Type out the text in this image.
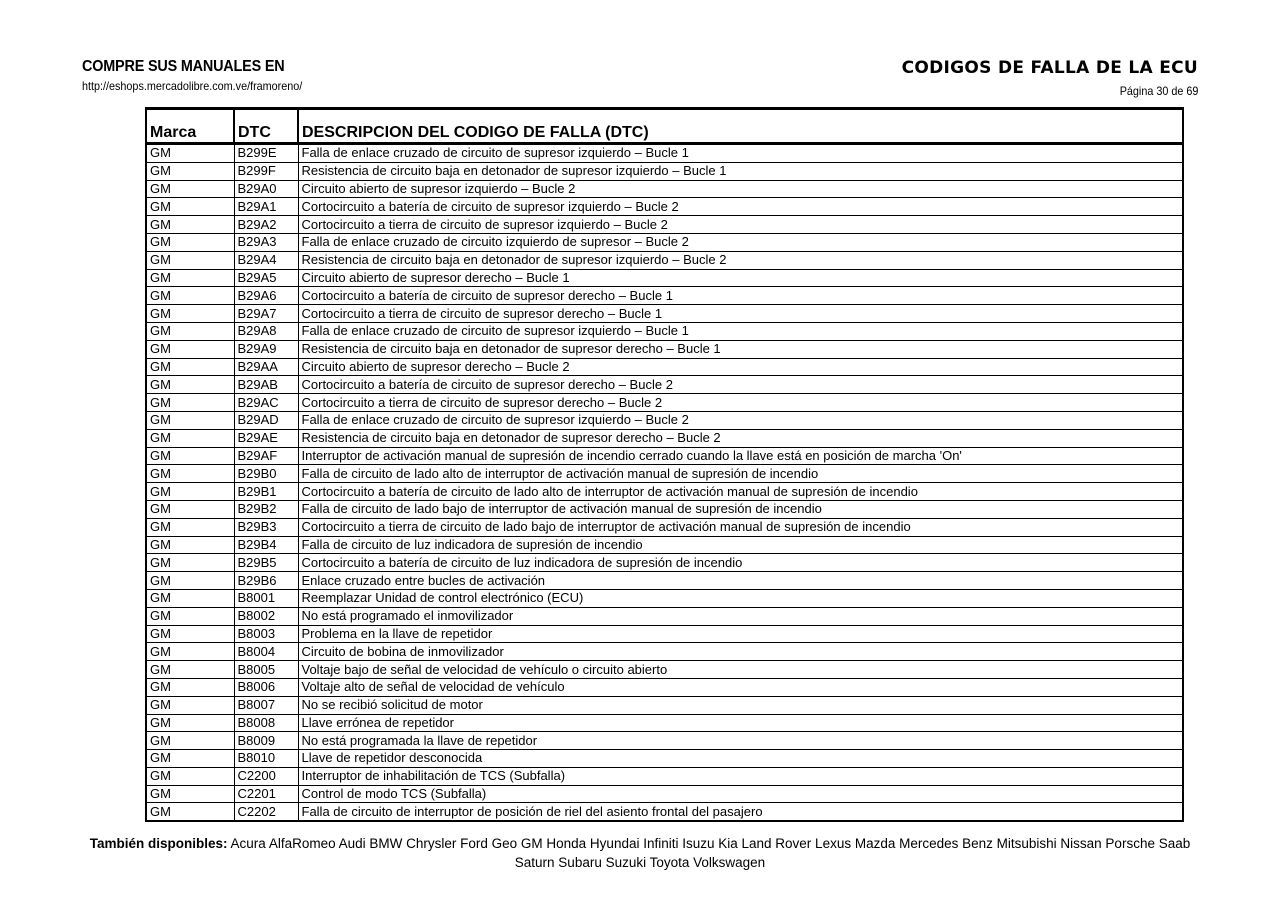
COMPRE SUS MANUALES EN
http://eshops.mercadolibre.com.ve/framoreno/
CODIGOS DE FALLA DE LA ECU
Página 30 de 69
Marca	DTC	DESCRIPCION DEL CODIGO DE FALLA (DTC)
GM	B299E	Falla de enlace cruzado de circuito de supresor izquierdo – Bucle 1
GM	B299F	Resistencia de circuito baja en detonador de supresor izquierdo – Bucle 1
GM	B29A0	Circuito abierto de supresor izquierdo – Bucle 2
GM	B29A1	Cortocircuito a batería de circuito de supresor izquierdo – Bucle 2
GM	B29A2	Cortocircuito a tierra de circuito de supresor izquierdo – Bucle 2
GM	B29A3	Falla de enlace cruzado de circuito izquierdo de supresor – Bucle 2
GM	B29A4	Resistencia de circuito baja en detonador de supresor izquierdo – Bucle 2
GM	B29A5	Circuito abierto de supresor derecho – Bucle 1
GM	B29A6	Cortocircuito a batería de circuito de supresor derecho – Bucle 1
GM	B29A7	Cortocircuito a tierra de circuito de supresor derecho – Bucle 1
GM	B29A8	Falla de enlace cruzado de circuito de supresor izquierdo – Bucle 1
GM	B29A9	Resistencia de circuito baja en detonador de supresor derecho – Bucle 1
GM	B29AA	Circuito abierto de supresor derecho – Bucle 2
GM	B29AB	Cortocircuito a batería de circuito de supresor derecho – Bucle 2
GM	B29AC	Cortocircuito a tierra de circuito de supresor derecho – Bucle 2
GM	B29AD	Falla de enlace cruzado de circuito de supresor izquierdo – Bucle 2
GM	B29AE	Resistencia de circuito baja en detonador de supresor derecho – Bucle 2
GM	B29AF	Interruptor de activación manual de supresión de incendio cerrado cuando la llave está en posición de marcha 'On'
GM	B29B0	Falla de circuito de lado alto de interruptor de activación manual de supresión de incendio
GM	B29B1	Cortocircuito a batería de circuito de lado alto de interruptor de activación manual de supresión de incendio
GM	B29B2	Falla de circuito de lado bajo de interruptor de activación manual de supresión de incendio
GM	B29B3	Cortocircuito a tierra de circuito de lado bajo de interruptor de activación manual de supresión de incendio
GM	B29B4	Falla de circuito de luz indicadora de supresión de incendio
GM	B29B5	Cortocircuito a batería de circuito de luz indicadora de supresión de incendio
GM	B29B6	Enlace cruzado entre bucles de activación
GM	B8001	Reemplazar Unidad de control electrónico (ECU)
GM	B8002	No está programado el inmovilizador
GM	B8003	Problema en la llave de repetidor
GM	B8004	Circuito de bobina de inmovilizador
GM	B8005	Voltaje bajo de señal de velocidad de vehículo o circuito abierto
GM	B8006	Voltaje alto de señal de velocidad de vehículo
GM	B8007	No se recibió solicitud de motor
GM	B8008	Llave errónea de repetidor
GM	B8009	No está programada la llave de repetidor
GM	B8010	Llave de repetidor desconocida
GM	C2200	Interruptor de inhabilitación de TCS (Subfalla)
GM	C2201	Control de modo TCS (Subfalla)
GM	C2202	Falla de circuito de interruptor de posición de riel del asiento frontal del pasajero
También disponibles: Acura AlfaRomeo Audi BMW Chrysler Ford Geo GM Honda Hyundai Infiniti Isuzu Kia Land Rover Lexus Mazda Mercedes Benz Mitsubishi Nissan Porsche Saab Saturn Subaru Suzuki Toyota Volkswagen
